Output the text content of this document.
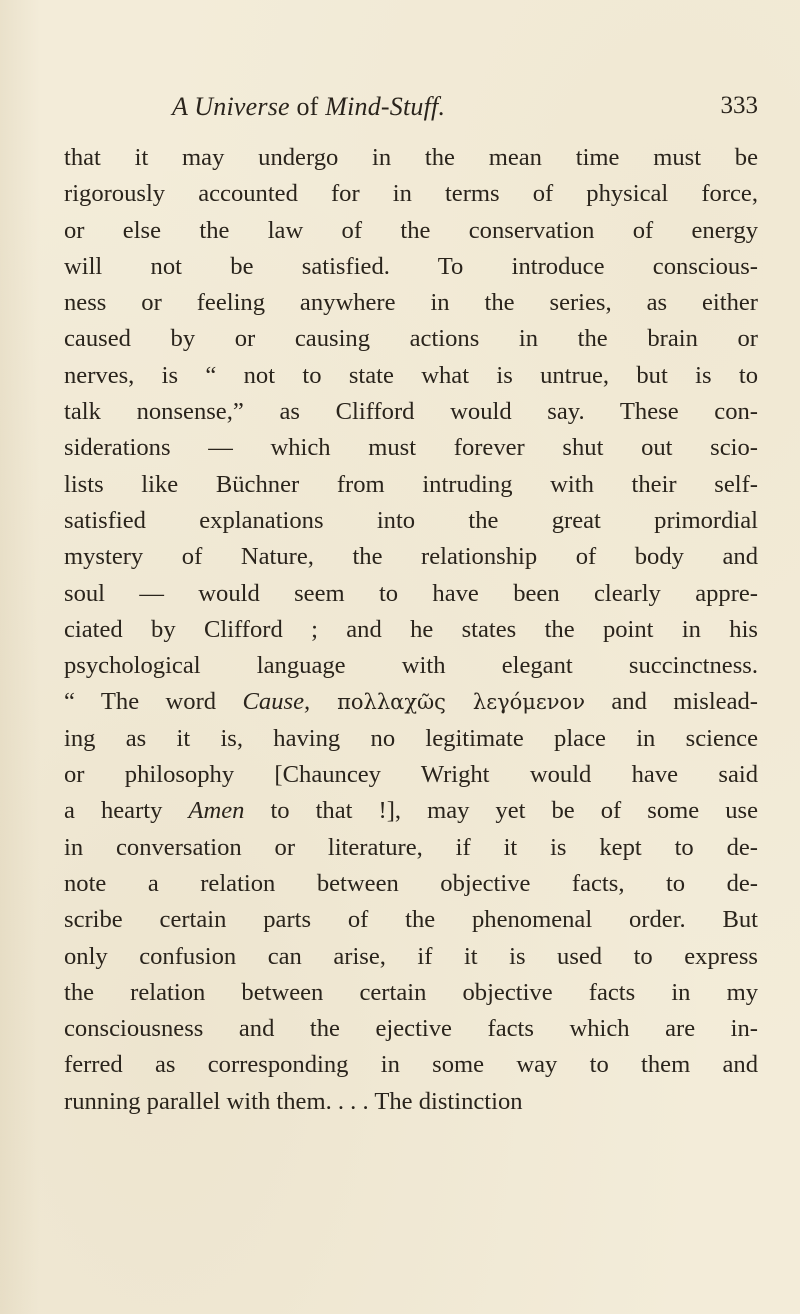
A Universe of Mind-Stuff.	333
that it may undergo in the mean time must be
rigorously accounted for in terms of physical force,
or else the law of the conservation of energy
will not be satisfied. To introduce conscious-
ness or feeling anywhere in the series, as either
caused by or causing actions in the brain or
nerves, is “ not to state what is untrue, but is to
talk nonsense,” as Clifford would say. These con-
siderations — which must forever shut out scio-
lists like Büchner from intruding with their self-
satisfied explanations into the great primordial
mystery of Nature, the relationship of body and
soul — would seem to have been clearly appre-
ciated by Clifford ; and he states the point in his
psychological language with elegant succinctness.
“ The word Cause, πολλαχῶς λεγόμενον and mislead-
ing as it is, having no legitimate place in science
or philosophy [Chauncey Wright would have said
a hearty Amen to that !], may yet be of some use
in conversation or literature, if it is kept to de-
note a relation between objective facts, to de-
scribe certain parts of the phenomenal order. But
only confusion can arise, if it is used to express
the relation between certain objective facts in my
consciousness and the ejective facts which are in-
ferred as corresponding in some way to them and
running parallel with them. . . . The distinction
